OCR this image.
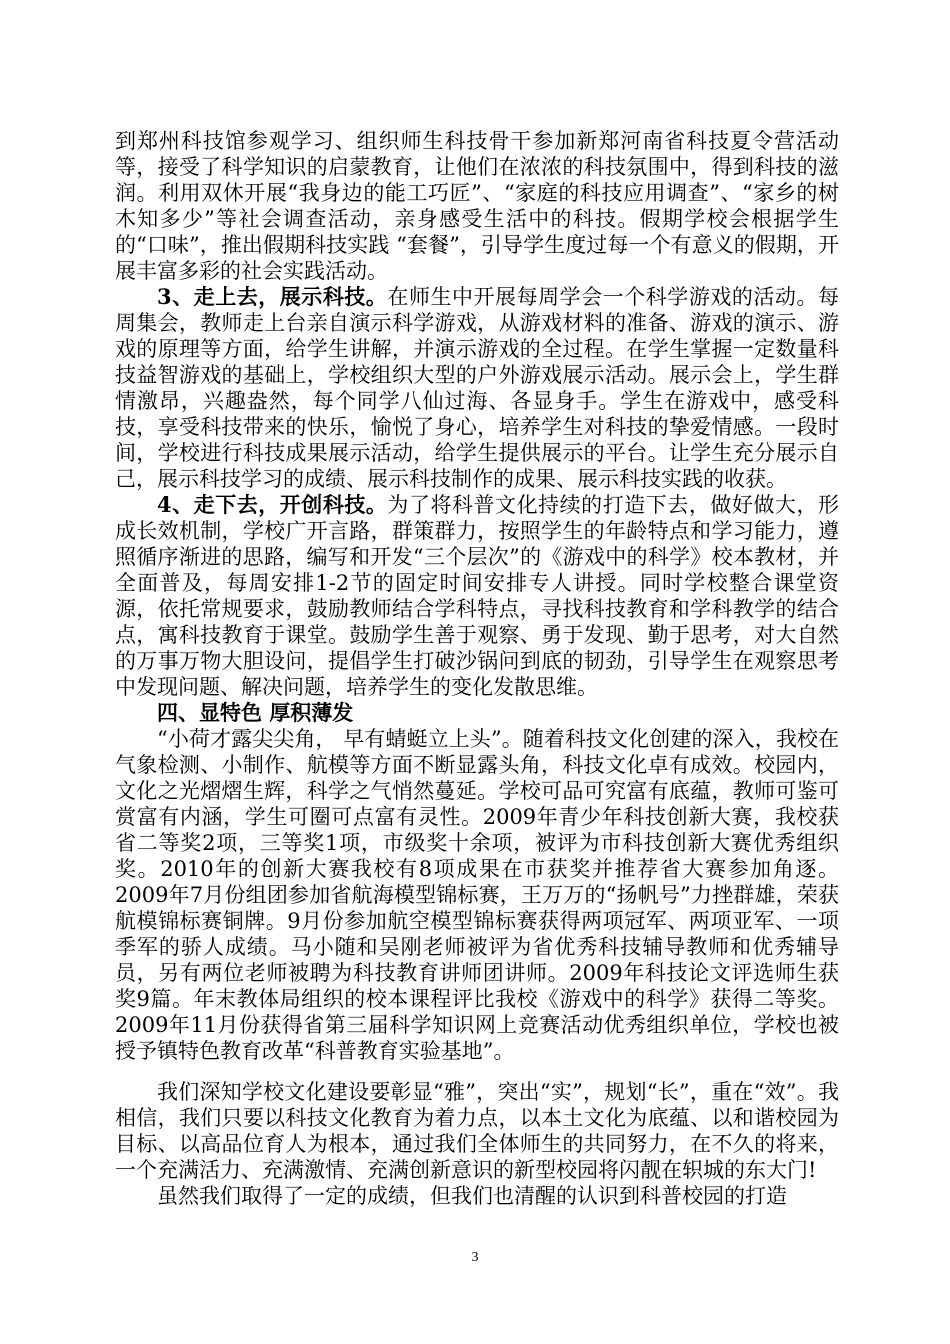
到郑州科技馆参观学习、组织师生科技骨干参加新郑河南省科技夏令营活动等，接受了科学知识的启蒙教育，让他们在浓浓的科技氛围中，得到科技的滋润。利用双休开展“我身边的能工巧匠”、“家庭的科技应用调查”、“家乡的树木知多少”等社会调查活动，亲身感受生活中的科技。假期学校会根据学生的“口味”，推出假期科技实践 “套餐”，引导学生度过每一个有意义的假期，开展丰富多彩的社会实践活动。

3、走上去，展示科技。在师生中开展每周学会一个科学游戏的活动。每周集会，教师走上台亲自演示科学游戏，从游戏材料的准备、游戏的演示、游戏的原理等方面，给学生讲解，并演示游戏的全过程。在学生掌握一定数量科技益智游戏的基础上，学校组织大型的户外游戏展示活动。展示会上，学生群情激昂，兴趣盎然，每个同学八仙过海、各显身手。学生在游戏中，感受科技，享受科技带来的快乐，愉悦了身心，培养学生对科技的挚爱情感。一段时间，学校进行科技成果展示活动，给学生提供展示的平台。让学生充分展示自己，展示科技学习的成绩、展示科技制作的成果、展示科技实践的收获。

4、走下去，开创科技。为了将科普文化持续的打造下去，做好做大，形成长效机制，学校广开言路，群策群力，按照学生的年龄特点和学习能力，遵照循序渐进的思路，编写和开发“三个层次”的《游戏中的科学》校本教材，并全面普及，每周安排1-2节的固定时间安排专人讲授。同时学校整合课堂资源，依托常规要求，鼓励教师结合学科特点，寻找科技教育和学科教学的结合点，寓科技教育于课堂。鼓励学生善于观察、勇于发现、勤于思考，对大自然的万事万物大胆设问，提倡学生打破沙锅问到底的韧劲，引导学生在观察思考中发现问题、解决问题，培养学生的变化发散思维。

四、显特色 厚积薄发

“小荷才露尖尖角， 早有蜻蜓立上头”。随着科技文化创建的深入，我校在气象检测、小制作、航模等方面不断显露头角，科技文化卓有成效。校园内，文化之光熠熠生辉，科学之气悄然蔓延。学校可品可究富有底蕴，教师可鉴可赏富有内涵，学生可圈可点富有灵性。2009年青少年科技创新大赛，我校获省二等奖2项，三等奖1项，市级奖十余项，被评为市科技创新大赛优秀组织奖。2010年的创新大赛我校有8项成果在市获奖并推荐省大赛参加角逐。2009年7月份组团参加省航海模型锦标赛，王万万的“扬帆号”力挫群雄，荣获航模锦标赛铜牌。9月份参加航空模型锦标赛获得两项冠军、两项亚军、一项季军的骄人成绩。马小随和吴刚老师被评为省优秀科技辅导教师和优秀辅导员，另有两位老师被聘为科技教育讲师团讲师。2009年科技论文评选师生获奖9篇。年末教体局组织的校本课程评比我校《游戏中的科学》获得二等奖。2009年11月份获得省第三届科学知识网上竞赛活动优秀组织单位，学校也被授予镇特色教育改革“科普教育实验基地”。

我们深知学校文化建设要彰显“雅”，突出“实”，规划“长”，重在“效”。我相信，我们只要以科技文化教育为着力点，以本土文化为底蕴、以和谐校园为目标、以高品位育人为根本，通过我们全体师生的共同努力，在不久的将来，一个充满活力、充满激情、充满创新意识的新型校园将闪靓在轵城的东大门!

虽然我们取得了一定的成绩，但我们也清醒的认识到科普校园的打造

3
